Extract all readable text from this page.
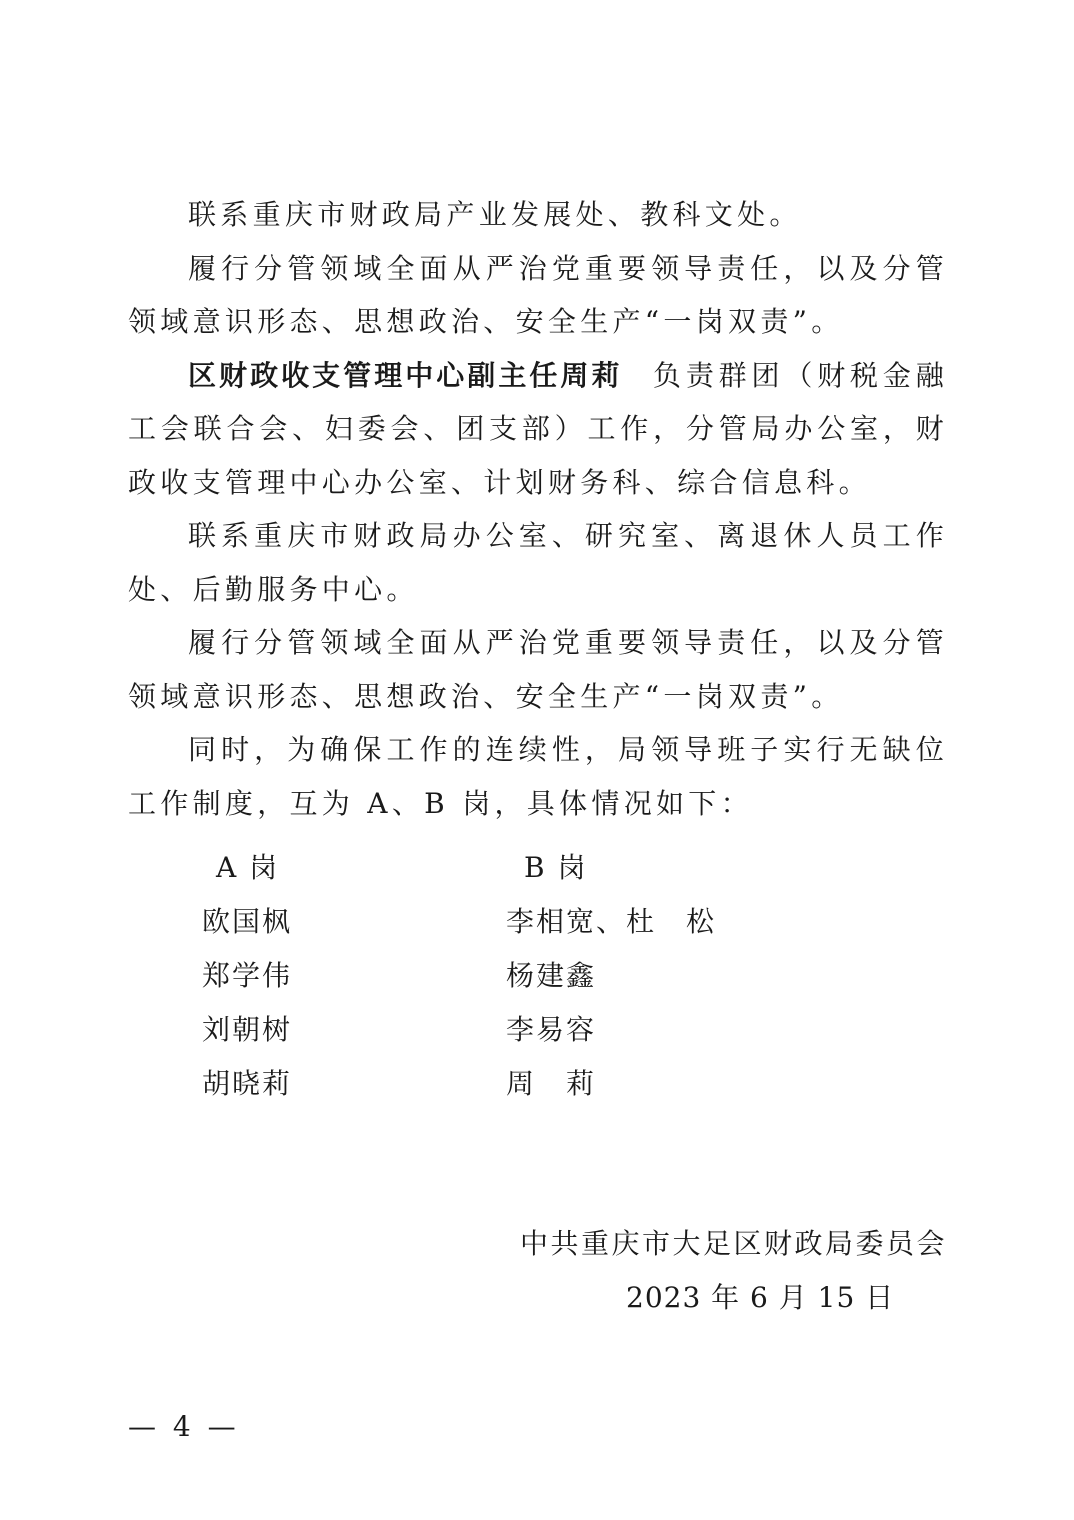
联系重庆市财政局产业发展处、教科文处。

履行分管领域全面从严治党重要领导责任，以及分管领域意识形态、思想政治、安全生产“一岗双责”。

区财政收支管理中心副主任周莉 负责群团（财税金融工会联合会、妇委会、团支部）工作，分管局办公室，财政收支管理中心办公室、计划财务科、综合信息科。

联系重庆市财政局办公室、研究室、离退休人员工作处、后勤服务中心。

履行分管领域全面从严治党重要领导责任，以及分管领域意识形态、思想政治、安全生产“一岗双责”。

同时，为确保工作的连续性，局领导班子实行无缺位工作制度，互为 A、B 岗，具体情况如下：

A 岗	B 岗
欧国枫	李相宽、杜　松
郑学伟	杨建鑫
刘朝树	李易容
胡晓莉	周　莉
中共重庆市大足区财政局委员会
2023 年 6 月 15 日
— 4 —
